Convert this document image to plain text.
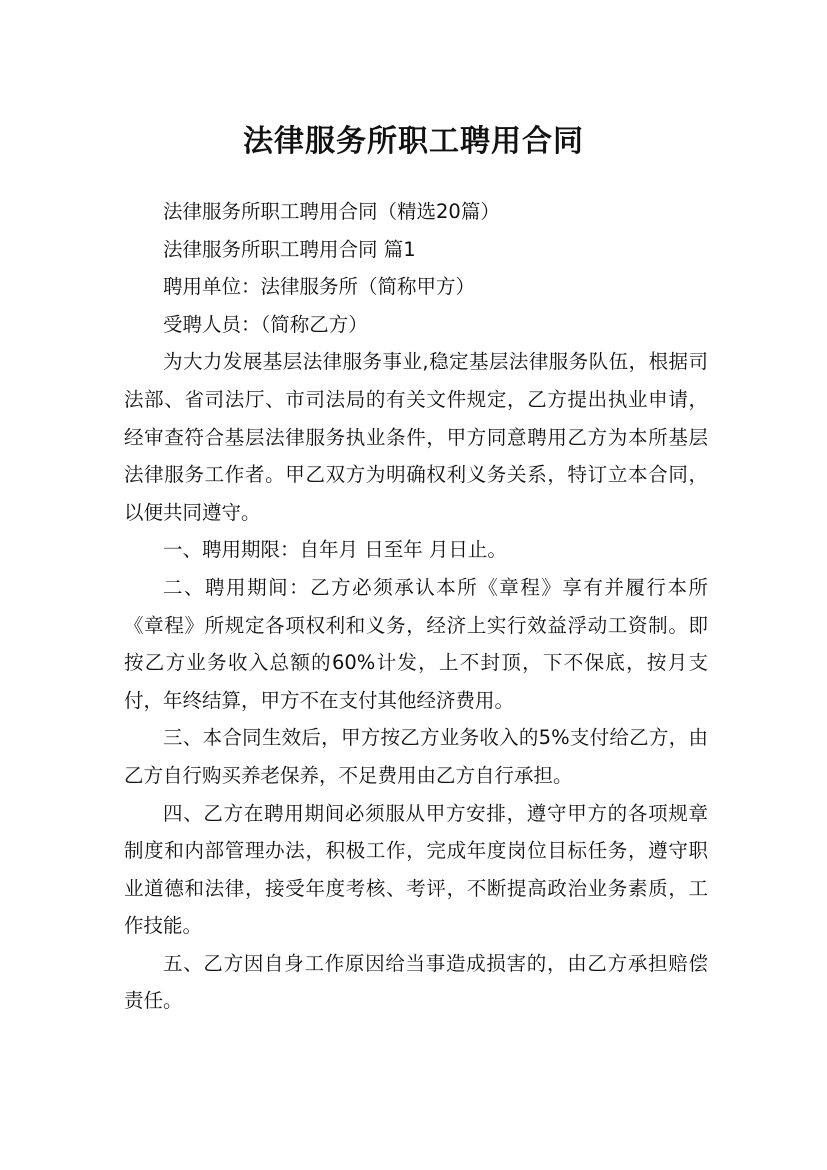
法律服务所职工聘用合同

法律服务所职工聘用合同（精选20篇）

法律服务所职工聘用合同 篇1

聘用单位：法律服务所（简称甲方）

受聘人员：（简称乙方）

为大力发展基层法律服务事业,稳定基层法律服务队伍，根据司法部、省司法厅、市司法局的有关文件规定，乙方提出执业申请，经审查符合基层法律服务执业条件，甲方同意聘用乙方为本所基层法律服务工作者。甲乙双方为明确权利义务关系，特订立本合同，以便共同遵守。

一、聘用期限：自年月 日至年 月日止。

二、聘用期间：乙方必须承认本所《章程》享有并履行本所《章程》所规定各项权利和义务，经济上实行效益浮动工资制。即按乙方业务收入总额的60%计发，上不封顶，下不保底，按月支付，年终结算，甲方不在支付其他经济费用。

三、本合同生效后，甲方按乙方业务收入的5%支付给乙方，由乙方自行购买养老保养，不足费用由乙方自行承担。

四、乙方在聘用期间必须服从甲方安排，遵守甲方的各项规章制度和内部管理办法，积极工作，完成年度岗位目标任务，遵守职业道德和法律，接受年度考核、考评，不断提高政治业务素质，工作技能。

五、乙方因自身工作原因给当事造成损害的，由乙方承担赔偿责任。
